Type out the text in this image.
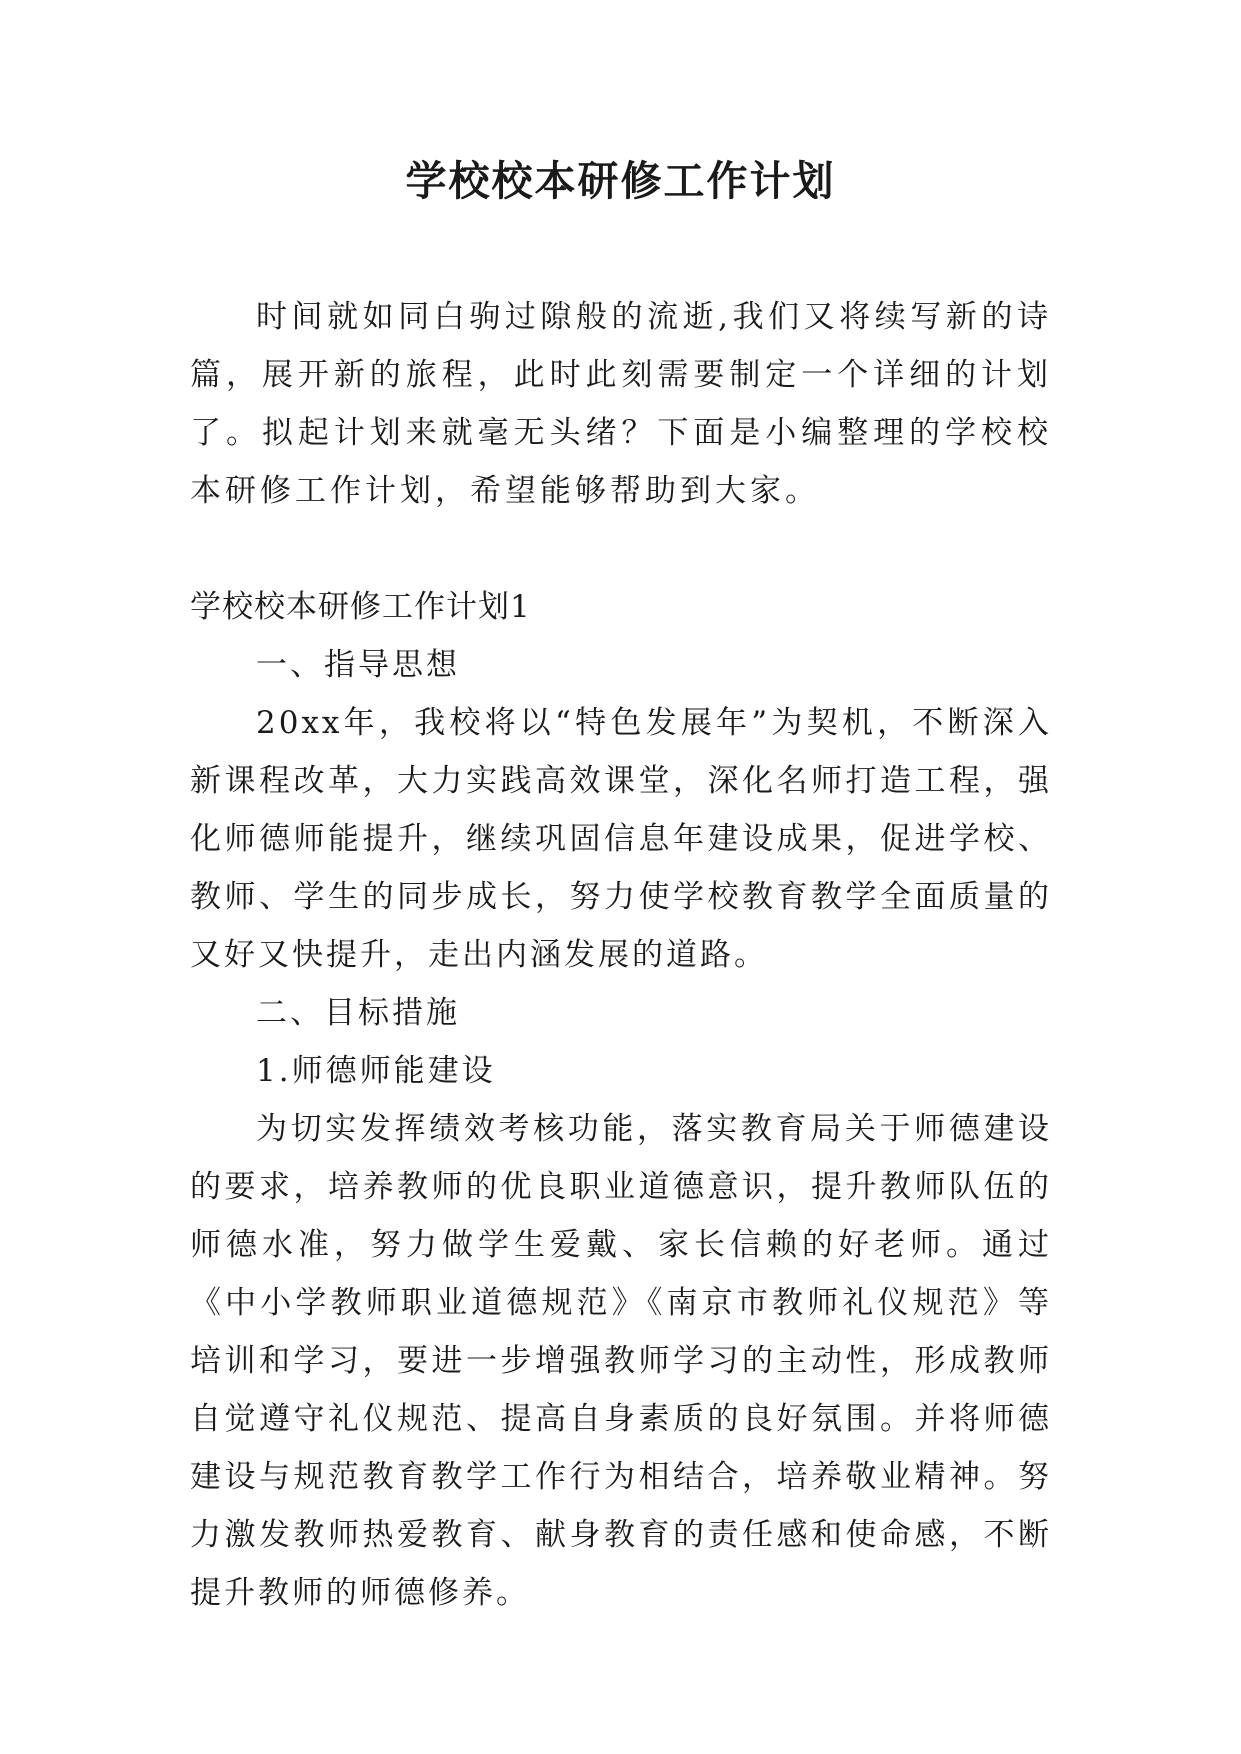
学校校本研修工作计划

时间就如同白驹过隙般的流逝,我们又将续写新的诗篇，展开新的旅程，此时此刻需要制定一个详细的计划了。拟起计划来就毫无头绪？下面是小编整理的学校校本研修工作计划，希望能够帮助到大家。

学校校本研修工作计划1

一、指导思想

20xx年，我校将以“特色发展年”为契机，不断深入新课程改革，大力实践高效课堂，深化名师打造工程，强化师德师能提升，继续巩固信息年建设成果，促进学校、教师、学生的同步成长，努力使学校教育教学全面质量的又好又快提升，走出内涵发展的道路。

二、目标措施

1.师德师能建设

为切实发挥绩效考核功能，落实教育局关于师德建设的要求，培养教师的优良职业道德意识，提升教师队伍的师德水准，努力做学生爱戴、家长信赖的好老师。通过《中小学教师职业道德规范》《南京市教师礼仪规范》等培训和学习，要进一步增强教师学习的主动性，形成教师自觉遵守礼仪规范、提高自身素质的良好氛围。并将师德建设与规范教育教学工作行为相结合，培养敬业精神。努力激发教师热爱教育、献身教育的责任感和使命感，不断提升教师的师德修养。
